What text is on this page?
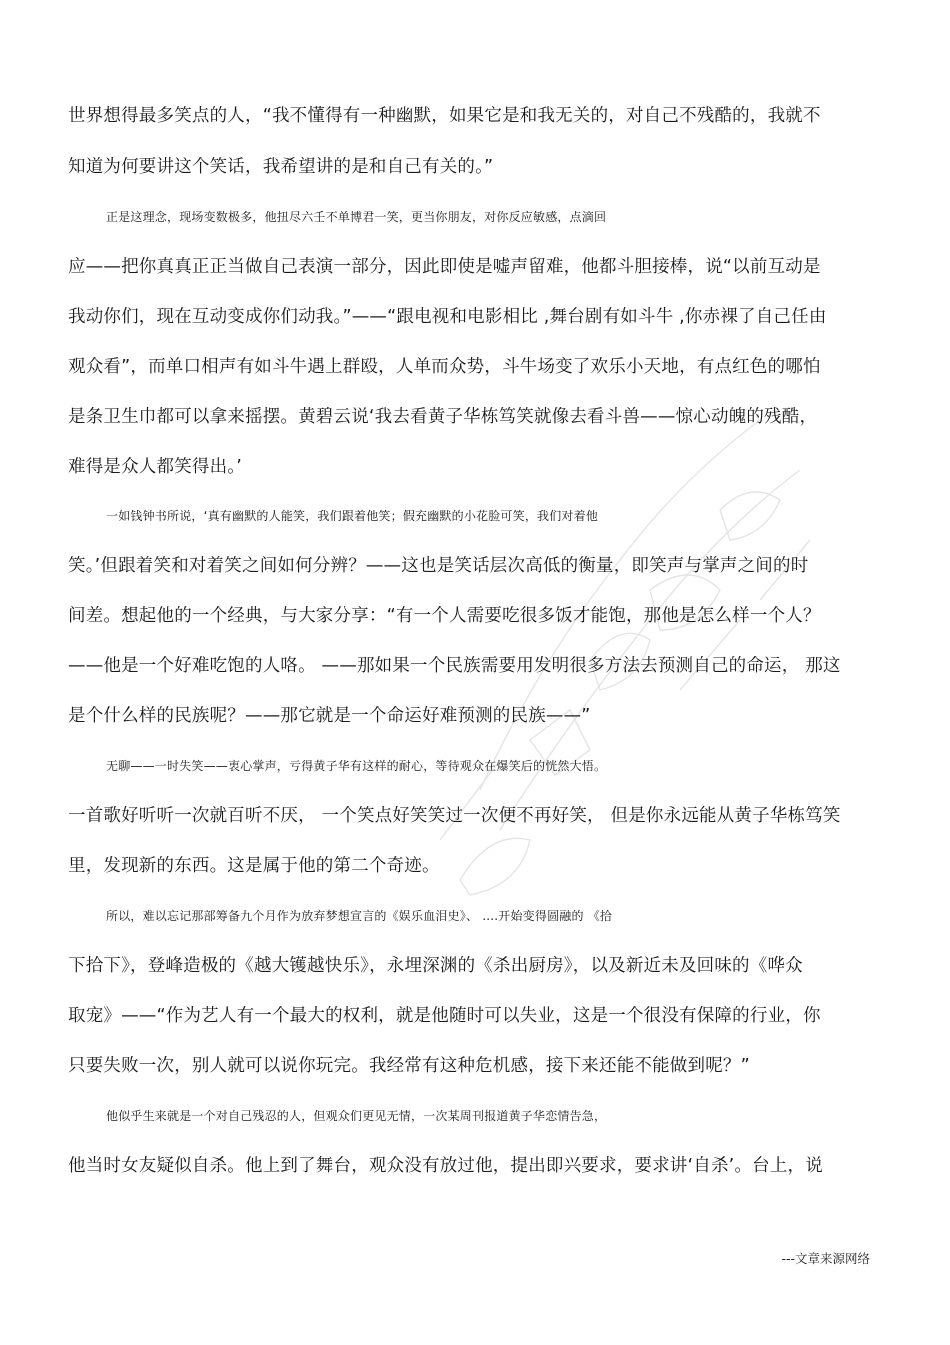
世界想得最多笑点的人，“我不懂得有一种幽默，如果它是和我无关的，对自己不残酷的，我就不
知道为何要讲这个笑话，我希望讲的是和自己有关的。”
正是这理念，现场变数极多，他扭尽六壬不单博君一笑，更当你朋友，对你反应敏感，点滴回
应——把你真真正正当做自己表演一部分，因此即使是嘘声留难，他都斗胆接棒，说“以前互动是
我动你们，现在互动变成你们动我。”——“跟电视和电影相比 ,舞台剧有如斗牛 ,你赤裸了自己任由
观众看”，而单口相声有如斗牛遇上群殴，人单而众势，斗牛场变了欢乐小天地，有点红色的哪怕
是条卫生巾都可以拿来摇摆。黄碧云说‘我去看黄子华栋笃笑就像去看斗兽——惊心动魄的残酷，
难得是众人都笑得出。’
一如钱钟书所说，‘真有幽默的人能笑，我们跟着他笑；假充幽默的小花脸可笑，我们对着他
笑。’但跟着笑和对着笑之间如何分辨？——这也是笑话层次高低的衡量，即笑声与掌声之间的时
间差。想起他的一个经典，与大家分享：“有一个人需要吃很多饭才能饱，那他是怎么样一个人？
——他是一个好难吃饱的人咯。 ——那如果一个民族需要用发明很多方法去预测自己的命运， 那这
是个什么样的民族呢？——那它就是一个命运好难预测的民族——”
无聊——一时失笑——衷心掌声，亏得黄子华有这样的耐心，等待观众在爆笑后的恍然大悟。
一首歌好听听一次就百听不厌， 一个笑点好笑笑过一次便不再好笑， 但是你永远能从黄子华栋笃笑
里，发现新的东西。这是属于他的第二个奇迹。
所以，难以忘记那部筹备九个月作为放弃梦想宣言的《娱乐血泪史》、 ....开始变得圆融的 《拾
下拾下》，登峰造极的《越大镬越快乐》，永埋深渊的《杀出厨房》，以及新近未及回味的《哗众
取宠》——“作为艺人有一个最大的权利，就是他随时可以失业，这是一个很没有保障的行业，你
只要失败一次，别人就可以说你玩完。我经常有这种危机感，接下来还能不能做到呢？”
他似乎生来就是一个对自己残忍的人，但观众们更见无情，一次某周刊报道黄子华恋情告急，
他当时女友疑似自杀。他上到了舞台，观众没有放过他，提出即兴要求，要求讲‘自杀’。台上，说
---文章来源网络
